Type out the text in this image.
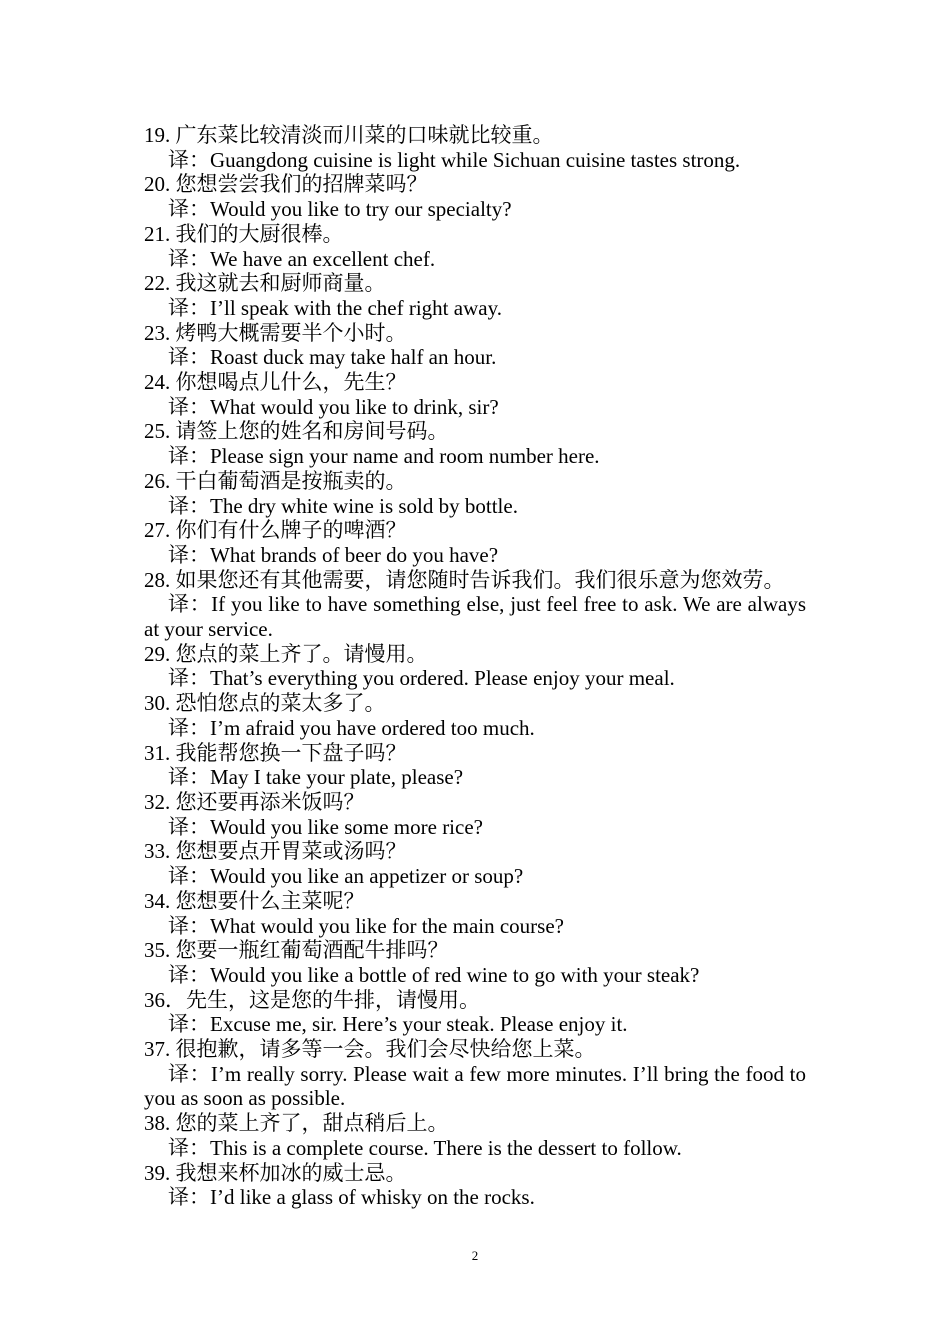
19. 广东菜比较清淡而川菜的口味就比较重。

译：Guangdong cuisine is light while Sichuan cuisine tastes strong.

20. 您想尝尝我们的招牌菜吗？

译：Would you like to try our specialty?

21. 我们的大厨很棒。

译：We have an excellent chef.

22. 我这就去和厨师商量。

译：I’ll speak with the chef right away.

23. 烤鸭大概需要半个小时。

译：Roast duck may take half an hour.

24. 你想喝点儿什么，先生？

译：What would you like to drink, sir?

25. 请签上您的姓名和房间号码。

译：Please sign your name and room number here.

26. 干白葡萄酒是按瓶卖的。

译：The dry white wine is sold by bottle.

27. 你们有什么牌子的啤酒？

译：What brands of beer do you have?

28. 如果您还有其他需要，请您随时告诉我们。我们很乐意为您效劳。

译：If you like to have something else, just feel free to ask. We are always at your service.

29. 您点的菜上齐了。请慢用。

译：That’s everything you ordered. Please enjoy your meal.

30. 恐怕您点的菜太多了。

译：I’m afraid you have ordered too much.

31. 我能帮您换一下盘子吗？

译：May I take your plate, please?

32. 您还要再添米饭吗？

译：Would you like some more rice?

33. 您想要点开胃菜或汤吗？

译：Would you like an appetizer or soup?

34. 您想要什么主菜呢？

译：What would you like for the main course?

35. 您要一瓶红葡萄酒配牛排吗？

译：Would you like a bottle of red wine to go with your steak?

36．先生，这是您的牛排，请慢用。

译：Excuse me, sir. Here’s your steak. Please enjoy it.

37. 很抱歉，请多等一会。我们会尽快给您上菜。

译：I’m really sorry. Please wait a few more minutes. I’ll bring the food to you as soon as possible.

38. 您的菜上齐了，甜点稍后上。

译：This is a complete course. There is the dessert to follow.

39. 我想来杯加冰的威士忌。

译：I’d like a glass of whisky on the rocks.

2
